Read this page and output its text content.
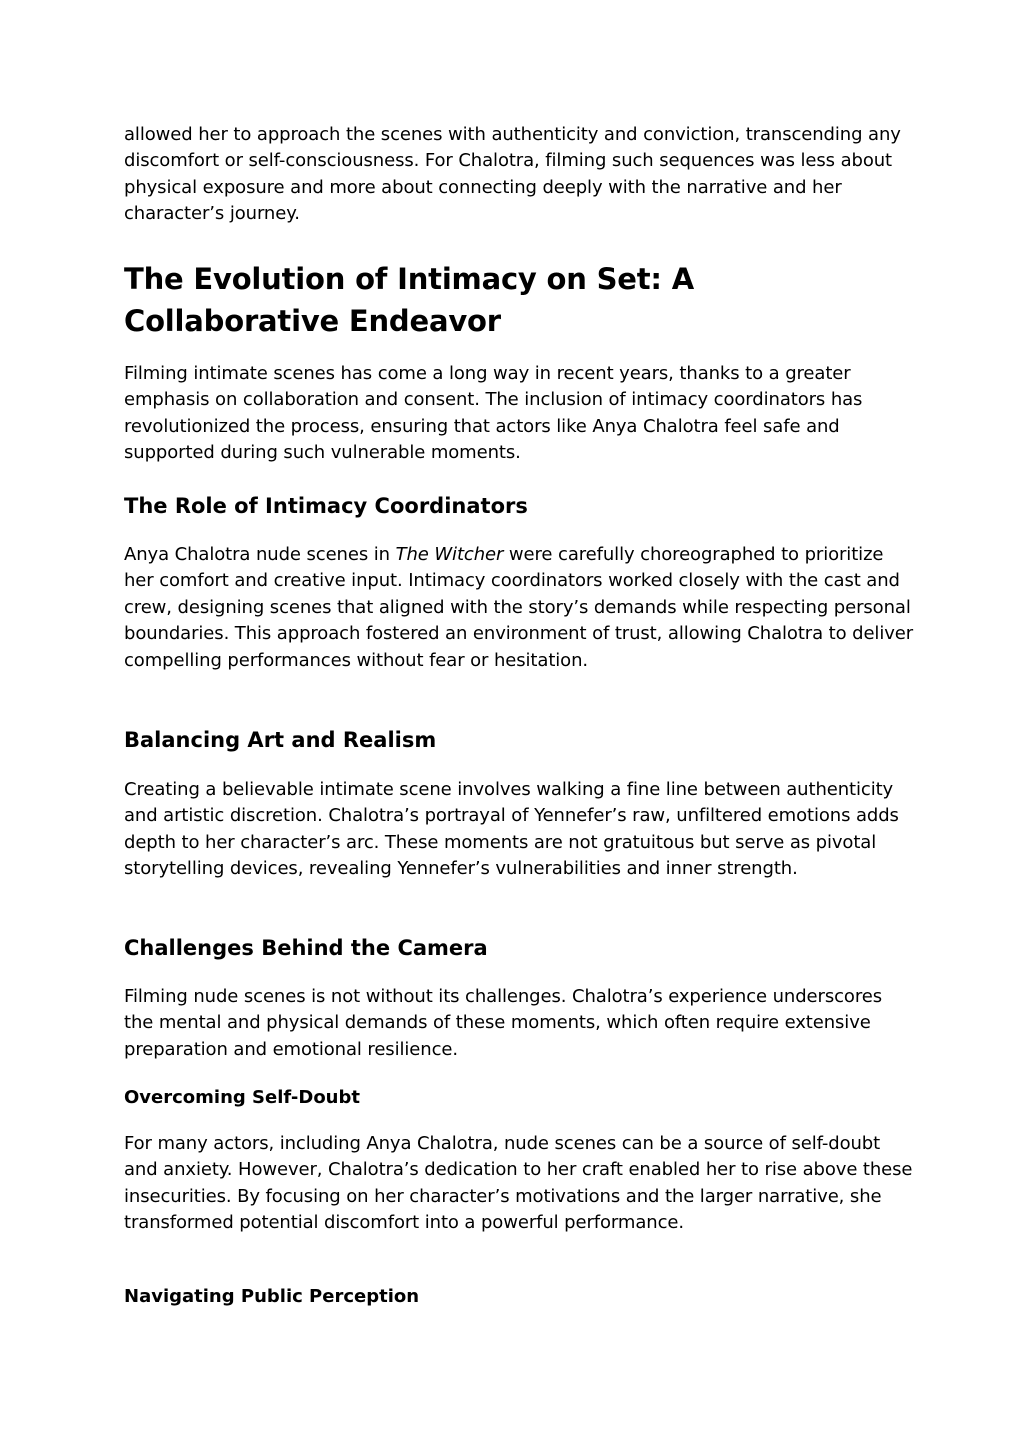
allowed her to approach the scenes with authenticity and conviction, transcending any discomfort or self-consciousness. For Chalotra, filming such sequences was less about physical exposure and more about connecting deeply with the narrative and her character’s journey.

The Evolution of Intimacy on Set: A Collaborative Endeavor

Filming intimate scenes has come a long way in recent years, thanks to a greater emphasis on collaboration and consent. The inclusion of intimacy coordinators has revolutionized the process, ensuring that actors like Anya Chalotra feel safe and supported during such vulnerable moments.

The Role of Intimacy Coordinators

Anya Chalotra nude scenes in The Witcher were carefully choreographed to prioritize her comfort and creative input. Intimacy coordinators worked closely with the cast and crew, designing scenes that aligned with the story’s demands while respecting personal boundaries. This approach fostered an environment of trust, allowing Chalotra to deliver compelling performances without fear or hesitation.

Balancing Art and Realism

Creating a believable intimate scene involves walking a fine line between authenticity and artistic discretion. Chalotra’s portrayal of Yennefer’s raw, unfiltered emotions adds depth to her character’s arc. These moments are not gratuitous but serve as pivotal storytelling devices, revealing Yennefer’s vulnerabilities and inner strength.

Challenges Behind the Camera

Filming nude scenes is not without its challenges. Chalotra’s experience underscores the mental and physical demands of these moments, which often require extensive preparation and emotional resilience.

Overcoming Self-Doubt

For many actors, including Anya Chalotra, nude scenes can be a source of self-doubt and anxiety. However, Chalotra’s dedication to her craft enabled her to rise above these insecurities. By focusing on her character’s motivations and the larger narrative, she transformed potential discomfort into a powerful performance.

Navigating Public Perception
